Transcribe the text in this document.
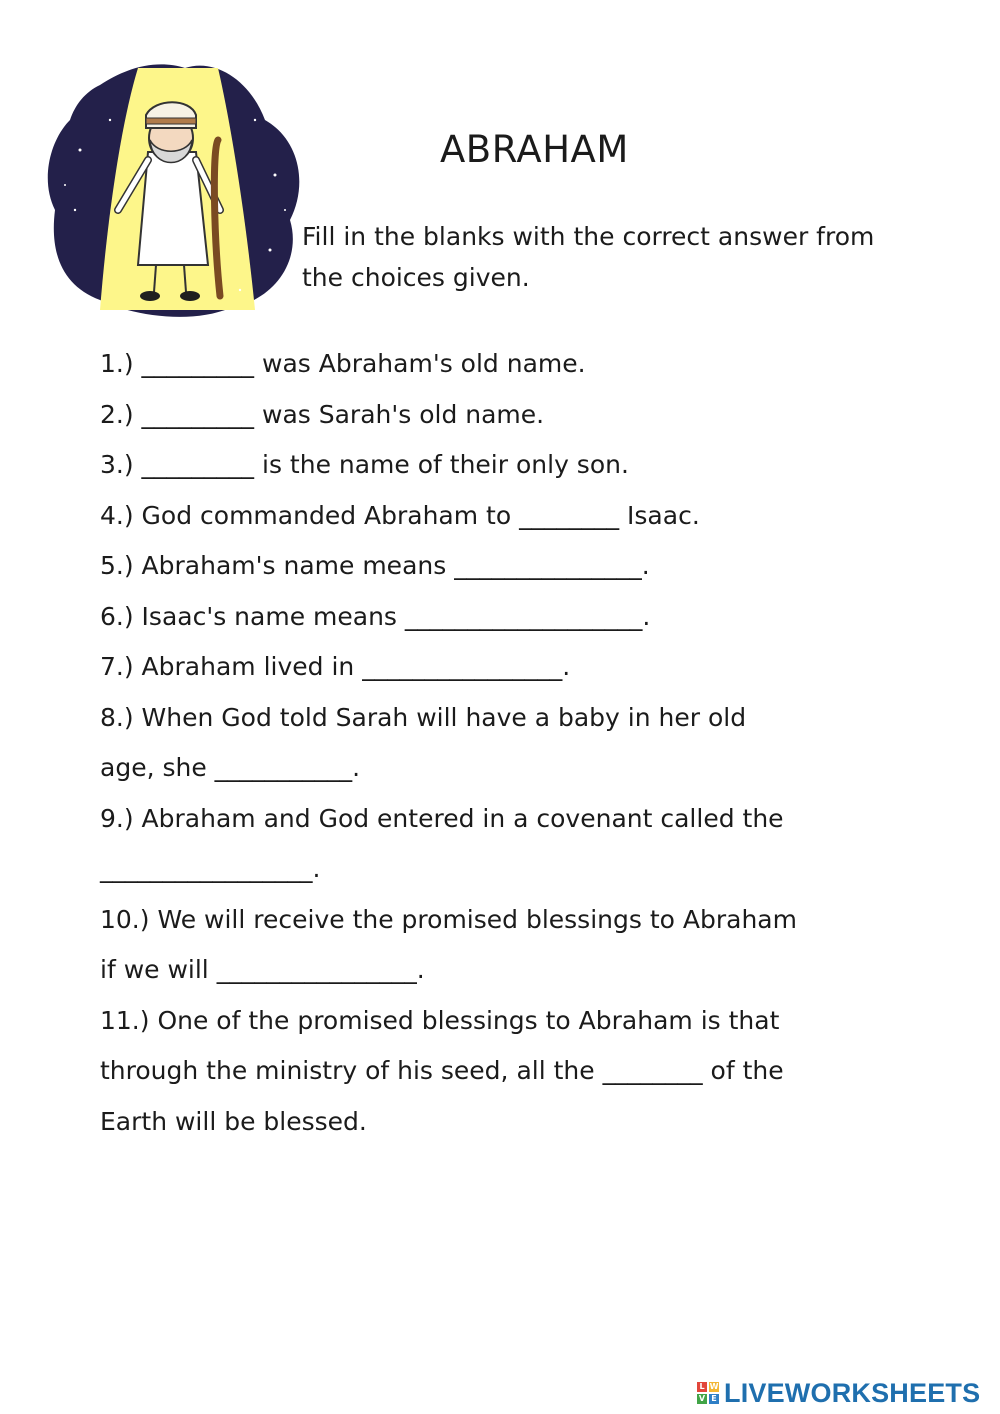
ABRAHAM
Fill in the blanks with the correct answer from the choices given.
1.) _________ was Abraham's old name.
2.) _________ was Sarah's old name.
3.) _________ is the name of their only son.
4.) God commanded Abraham to ________ Isaac.
5.) Abraham's name means _______________.
6.) Isaac's name means ___________________.
7.) Abraham lived in ________________.
8.) When God told Sarah will have a baby in her old
age, she ___________.
9.) Abraham and God entered in a covenant called the
_________________.
10.) We will receive the promised blessings to Abraham
if we will ________________.
11.) One of the promised blessings to Abraham is that
through the ministry of his seed, all the ________ of the
Earth will be blessed.
L W
V E LIVEWORKSHEETS
